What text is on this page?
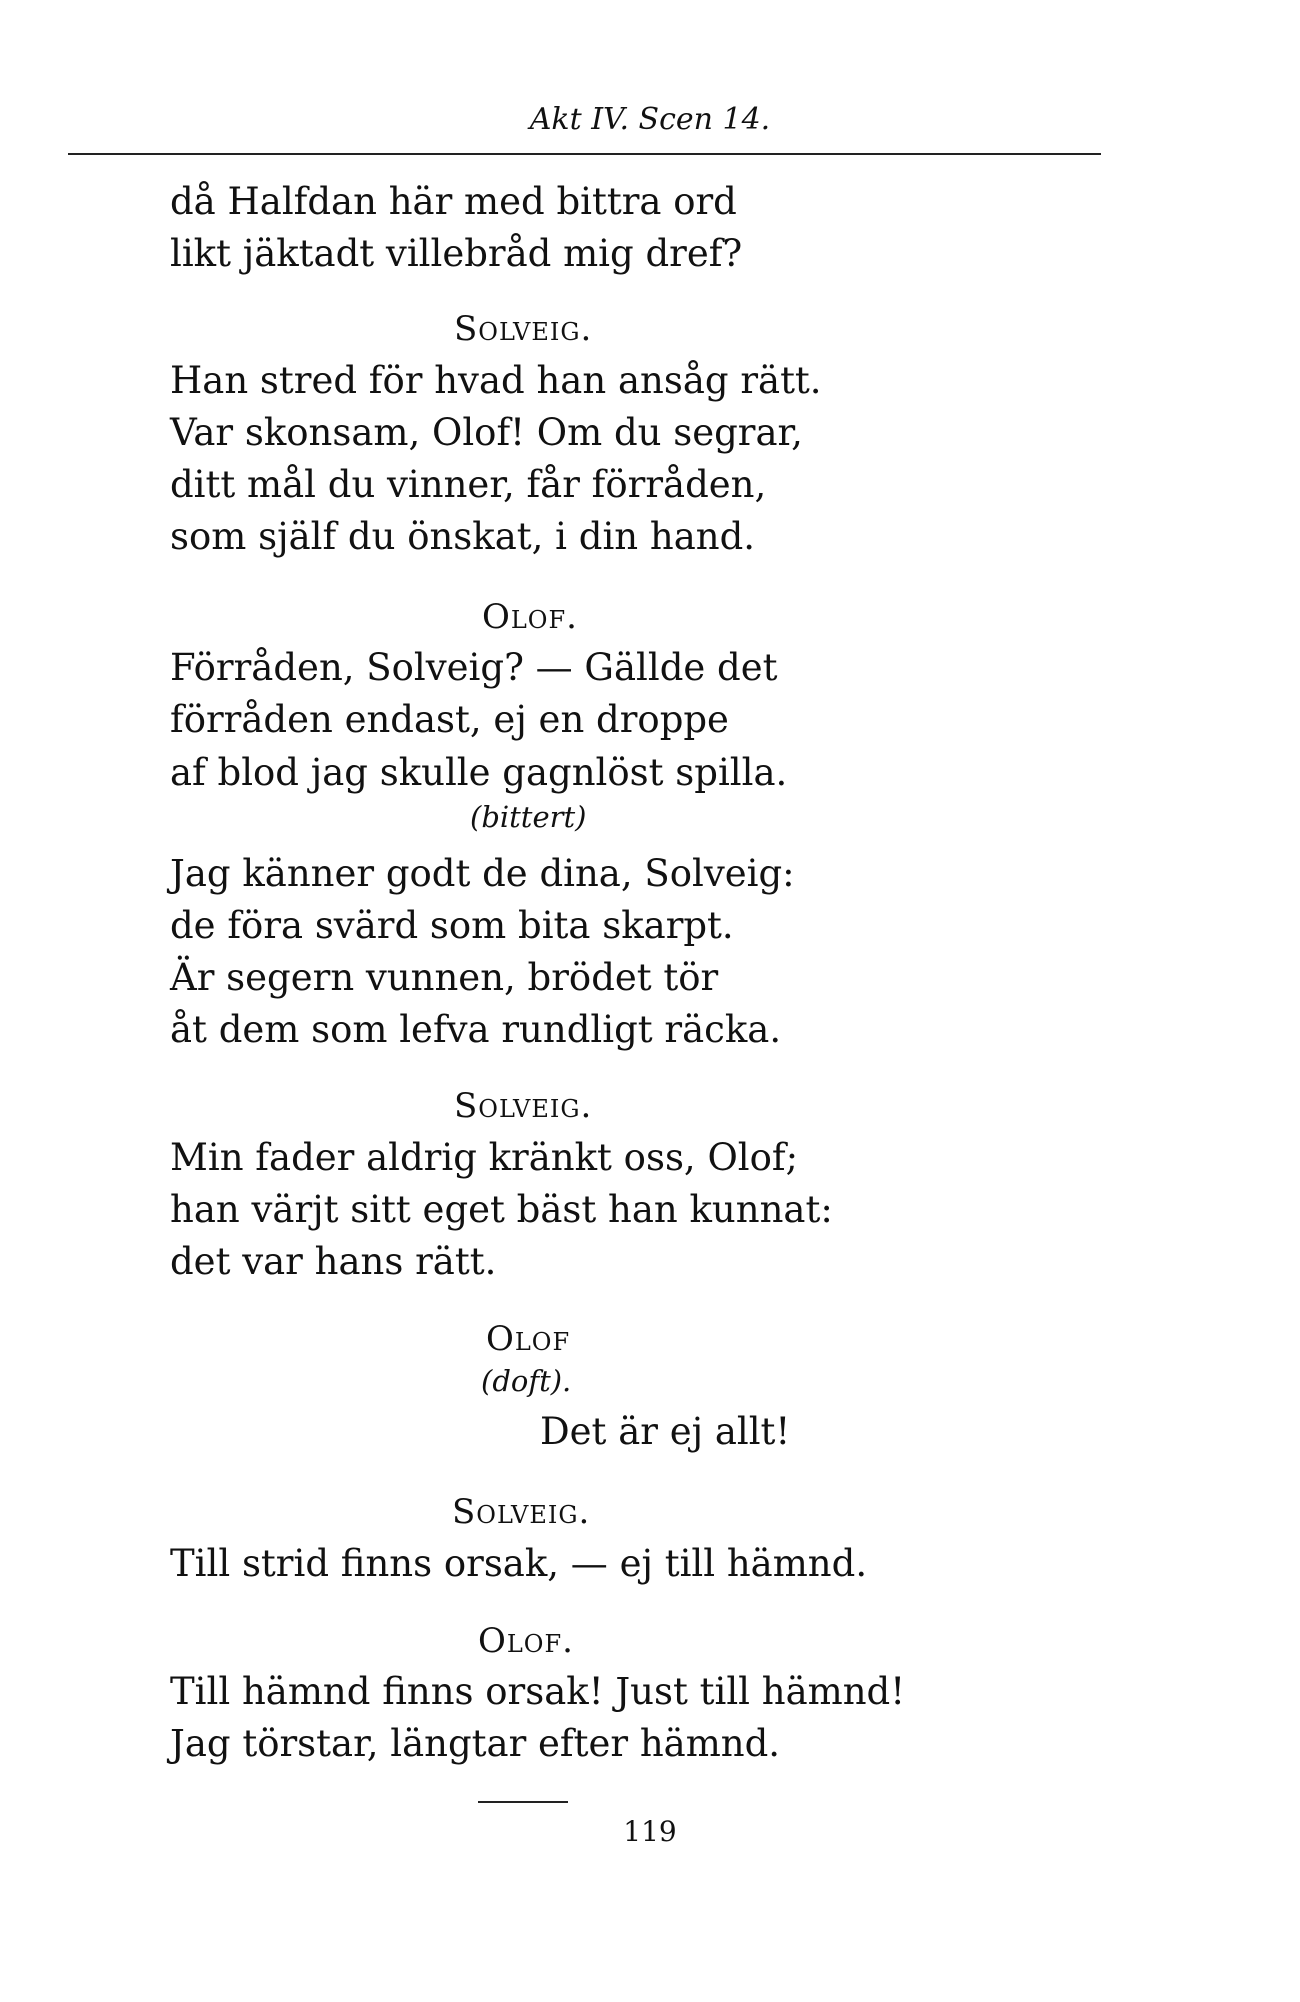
Akt IV. Scen 14.

då Halfdan här med bittra ord

likt jäktadt villebråd mig dref?

Solveig.

Han stred för hvad han ansåg rätt.

Var skonsam, Olof! Om du segrar,

ditt mål du vinner, får förråden,

som själf du önskat, i din hand.

Olof.

Förråden, Solveig? — Gällde det

förråden endast, ej en droppe

af blod jag skulle gagnlöst spilla.

(bittert)

Jag känner godt de dina, Solveig:

de föra svärd som bita skarpt.

Är segern vunnen, brödet tör

åt dem som lefva rundligt räcka.

Solveig.

Min fader aldrig kränkt oss, Olof;

han värjt sitt eget bäst han kunnat:

det var hans rätt.

Olof

(doft).

Det är ej allt!

Solveig.

Till strid finns orsak, — ej till hämnd.

Olof.

Till hämnd finns orsak! Just till hämnd!

Jag törstar, längtar efter hämnd.

119
